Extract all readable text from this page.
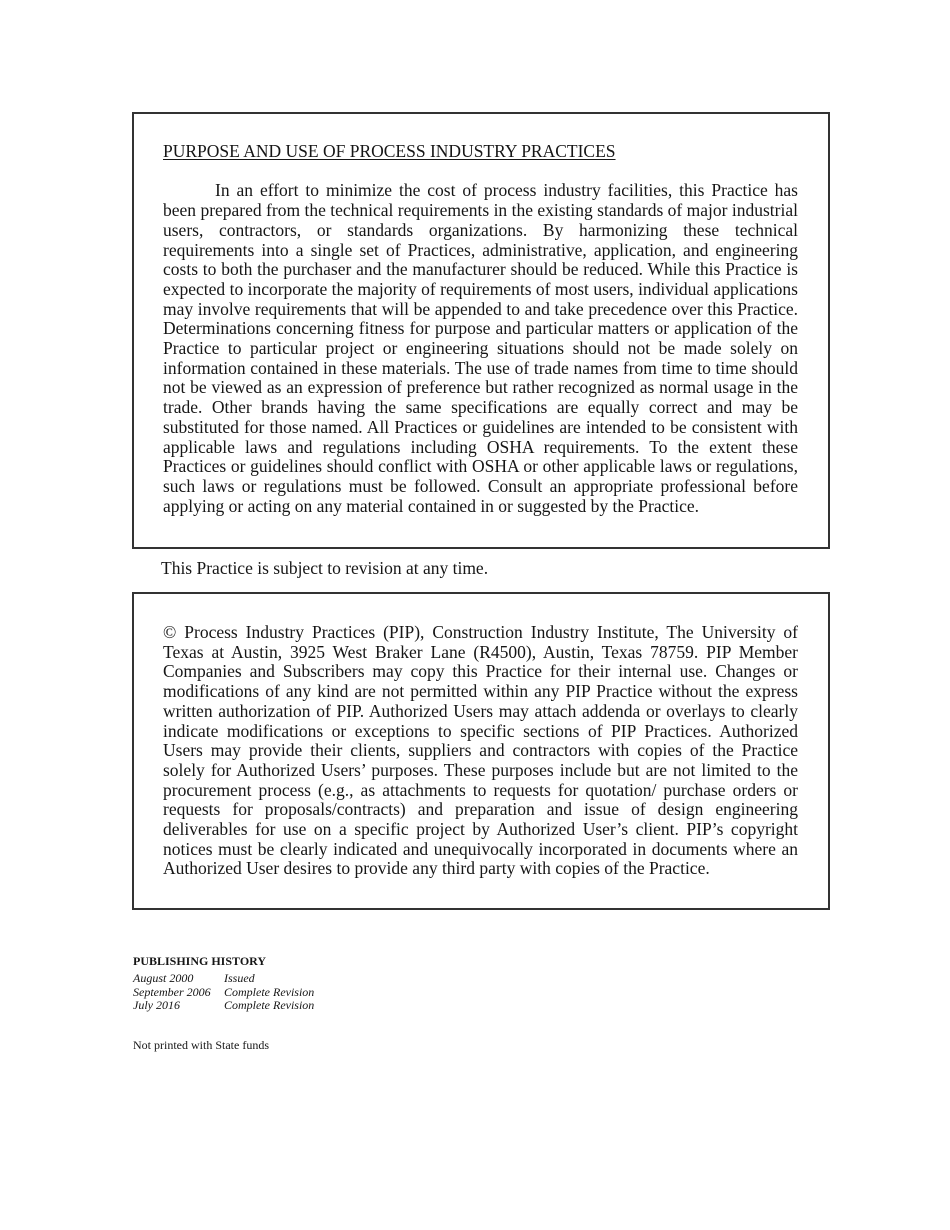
PURPOSE AND USE OF PROCESS INDUSTRY PRACTICES

In an effort to minimize the cost of process industry facilities, this Practice has been prepared from the technical requirements in the existing standards of major industrial users, contractors, or standards organizations. By harmonizing these technical requirements into a single set of Practices, administrative, application, and engineering costs to both the purchaser and the manufacturer should be reduced. While this Practice is expected to incorporate the majority of requirements of most users, individual applications may involve requirements that will be appended to and take precedence over this Practice. Determinations concerning fitness for purpose and particular matters or application of the Practice to particular project or engineering situations should not be made solely on information contained in these materials. The use of trade names from time to time should not be viewed as an expression of preference but rather recognized as normal usage in the trade. Other brands having the same specifications are equally correct and may be substituted for those named. All Practices or guidelines are intended to be consistent with applicable laws and regulations including OSHA requirements. To the extent these Practices or guidelines should conflict with OSHA or other applicable laws or regulations, such laws or regulations must be followed. Consult an appropriate professional before applying or acting on any material contained in or suggested by the Practice.

This Practice is subject to revision at any time.

© Process Industry Practices (PIP), Construction Industry Institute, The University of Texas at Austin, 3925 West Braker Lane (R4500), Austin, Texas 78759. PIP Member Companies and Subscribers may copy this Practice for their internal use. Changes or modifications of any kind are not permitted within any PIP Practice without the express written authorization of PIP. Authorized Users may attach addenda or overlays to clearly indicate modifications or exceptions to specific sections of PIP Practices. Authorized Users may provide their clients, suppliers and contractors with copies of the Practice solely for Authorized Users’ purposes. These purposes include but are not limited to the procurement process (e.g., as attachments to requests for quotation/ purchase orders or requests for proposals/contracts) and preparation and issue of design engineering deliverables for use on a specific project by Authorized User’s client. PIP’s copyright notices must be clearly indicated and unequivocally incorporated in documents where an Authorized User desires to provide any third party with copies of the Practice.

PUBLISHING HISTORY

August 2000	Issued
September 2006	Complete Revision
July 2016	Complete Revision
Not printed with State funds
